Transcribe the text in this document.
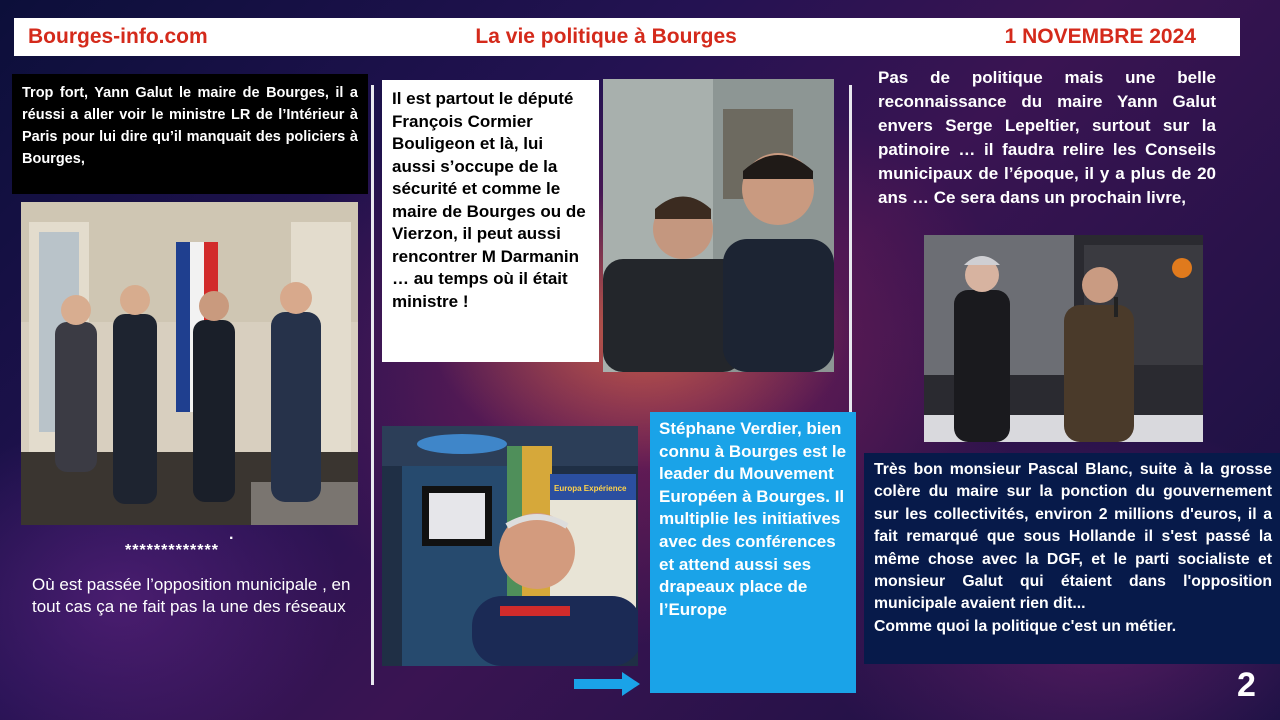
Bourges-info.com	La vie politique à Bourges	1 NOVEMBRE 2024
Trop fort, Yann Galut le maire de Bourges, il a réussi a aller voir le ministre LR de l’Intérieur à Paris pour lui dire qu’il manquait des policiers à Bourges,
.
*************
Où est passée l’opposition municipale , en tout cas ça ne fait pas la une des réseaux
Il est partout le député François Cormier Bouligeon et là, lui aussi s’occupe de la sécurité et comme le maire de Bourges ou de Vierzon, il peut aussi rencontrer M Darmanin … au temps où il était ministre !
Europa Expérience
Stéphane Verdier, bien connu à Bourges est le leader du Mouvement Européen à Bourges. Il multiplie les initiatives avec des conférences et attend aussi ses drapeaux place de l’Europe
Pas de politique mais une belle reconnaissance du maire Yann Galut envers Serge Lepeltier, surtout sur la patinoire … il faudra relire les Conseils municipaux de l’époque, il y a plus de 20 ans … Ce sera dans un prochain livre,
Très bon monsieur Pascal Blanc, suite à la grosse colère du maire sur la ponction du gouvernement sur les collectivités, environ 2 millions d'euros, il a fait remarqué que sous Hollande il s'est passé la même chose avec la DGF, et le parti socialiste et monsieur Galut qui étaient dans l'opposition municipale avaient rien dit...
Comme quoi la politique c'est un métier.
2
